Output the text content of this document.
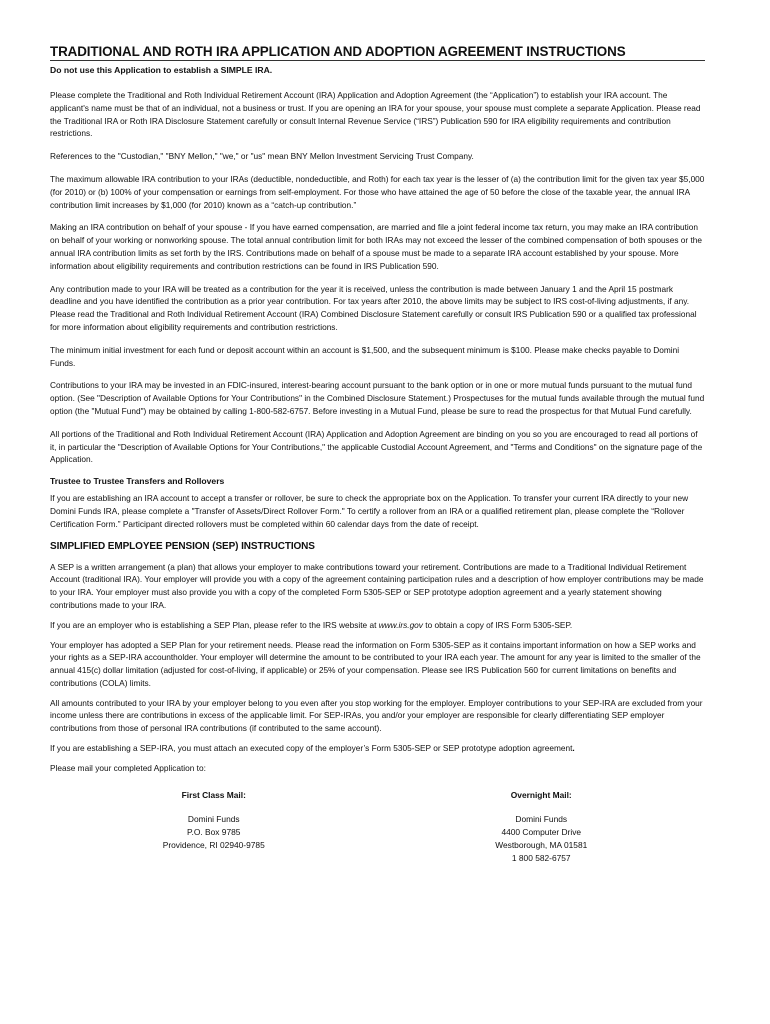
TRADITIONAL AND ROTH IRA APPLICATION AND ADOPTION AGREEMENT INSTRUCTIONS
Do not use this Application to establish a SIMPLE IRA.

Please complete the Traditional and Roth Individual Retirement Account (IRA) Application and Adoption Agreement (the “Application”) to establish your IRA account. The applicant's name must be that of an individual, not a business or trust. If you are opening an IRA for your spouse, your spouse must complete a separate Application. Please read the Traditional IRA or Roth IRA Disclosure Statement carefully or consult Internal Revenue Service (“IRS”) Publication 590 for IRA eligibility requirements and contribution restrictions.

References to the "Custodian," "BNY Mellon," "we," or "us" mean BNY Mellon Investment Servicing Trust Company.

The maximum allowable IRA contribution to your IRAs (deductible, nondeductible, and Roth) for each tax year is the lesser of (a) the contribution limit for the given tax year $5,000 (for 2010) or (b) 100% of your compensation or earnings from self-employment. For those who have attained the age of 50 before the close of the taxable year, the annual IRA contribution limit increases by $1,000 (for 2010) known as a “catch-up contribution.”

Making an IRA contribution on behalf of your spouse - If you have earned compensation, are married and file a joint federal income tax return, you may make an IRA contribution on behalf of your working or nonworking spouse. The total annual contribution limit for both IRAs may not exceed the lesser of the combined compensation of both spouses or the annual IRA contribution limits as set forth by the IRS. Contributions made on behalf of a spouse must be made to a separate IRA account established by your spouse. More information about eligibility requirements and contribution restrictions can be found in IRS Publication 590.

Any contribution made to your IRA will be treated as a contribution for the year it is received, unless the contribution is made between January 1 and the April 15 postmark deadline and you have identified the contribution as a prior year contribution. For tax years after 2010, the above limits may be subject to IRS cost-of-living adjustments, if any. Please read the Traditional and Roth Individual Retirement Account (IRA) Combined Disclosure Statement carefully or consult IRS Publication 590 or a qualified tax professional for more information about eligibility requirements and contribution restrictions.

The minimum initial investment for each fund or deposit account within an account is $1,500, and the subsequent minimum is $100. Please make checks payable to Domini Funds.

Contributions to your IRA may be invested in an FDIC-insured, interest-bearing account pursuant to the bank option or in one or more mutual funds pursuant to the mutual fund option. (See "Description of Available Options for Your Contributions" in the Combined Disclosure Statement.) Prospectuses for the mutual funds available through the mutual fund option (the "Mutual Fund") may be obtained by calling 1-800-582-6757. Before investing in a Mutual Fund, please be sure to read the prospectus for that Mutual Fund carefully.

All portions of the Traditional and Roth Individual Retirement Account (IRA) Application and Adoption Agreement are binding on you so you are encouraged to read all portions of it, in particular the "Description of Available Options for Your Contributions," the applicable Custodial Account Agreement, and "Terms and Conditions" on the signature page of the Application.

Trustee to Trustee Transfers and Rollovers

If you are establishing an IRA account to accept a transfer or rollover, be sure to check the appropriate box on the Application. To transfer your current IRA directly to your new Domini Funds IRA, please complete a "Transfer of Assets/Direct Rollover Form." To certify a rollover from an IRA or a qualified retirement plan, please complete the “Rollover Certification Form.” Participant directed rollovers must be completed within 60 calendar days from the date of receipt.

SIMPLIFIED EMPLOYEE PENSION (SEP) INSTRUCTIONS

A SEP is a written arrangement (a plan) that allows your employer to make contributions toward your retirement. Contributions are made to a Traditional Individual Retirement Account (traditional IRA). Your employer will provide you with a copy of the agreement containing participation rules and a description of how employer contributions may be made to your IRA. Your employer must also provide you with a copy of the completed Form 5305-SEP or SEP prototype adoption agreement and a yearly statement showing contributions made to your IRA.

If you are an employer who is establishing a SEP Plan, please refer to the IRS website at www.irs.gov to obtain a copy of IRS Form 5305-SEP.

Your employer has adopted a SEP Plan for your retirement needs. Please read the information on Form 5305-SEP as it contains important information on how a SEP works and your rights as a SEP-IRA accountholder. Your employer will determine the amount to be contributed to your IRA each year. The amount for any year is limited to the smaller of the annual 415(c) dollar limitation (adjusted for cost-of-living, if applicable) or 25% of your compensation. Please see IRS Publication 560 for current limitations on benefits and contributions (COLA) limits.

All amounts contributed to your IRA by your employer belong to you even after you stop working for the employer. Employer contributions to your SEP-IRA are excluded from your income unless there are contributions in excess of the applicable limit. For SEP-IRAs, you and/or your employer are responsible for clearly differentiating SEP employer contributions from those of personal IRA contributions (if contributed to the same account).

If you are establishing a SEP-IRA, you must attach an executed copy of the employer’s Form 5305-SEP or SEP prototype adoption agreement.

Please mail your completed Application to:

First Class Mail:
Domini Funds
P.O. Box 9785
Providence, RI 02940-9785
Overnight Mail:
Domini Funds
4400 Computer Drive
Westborough, MA 01581
1 800 582-6757
